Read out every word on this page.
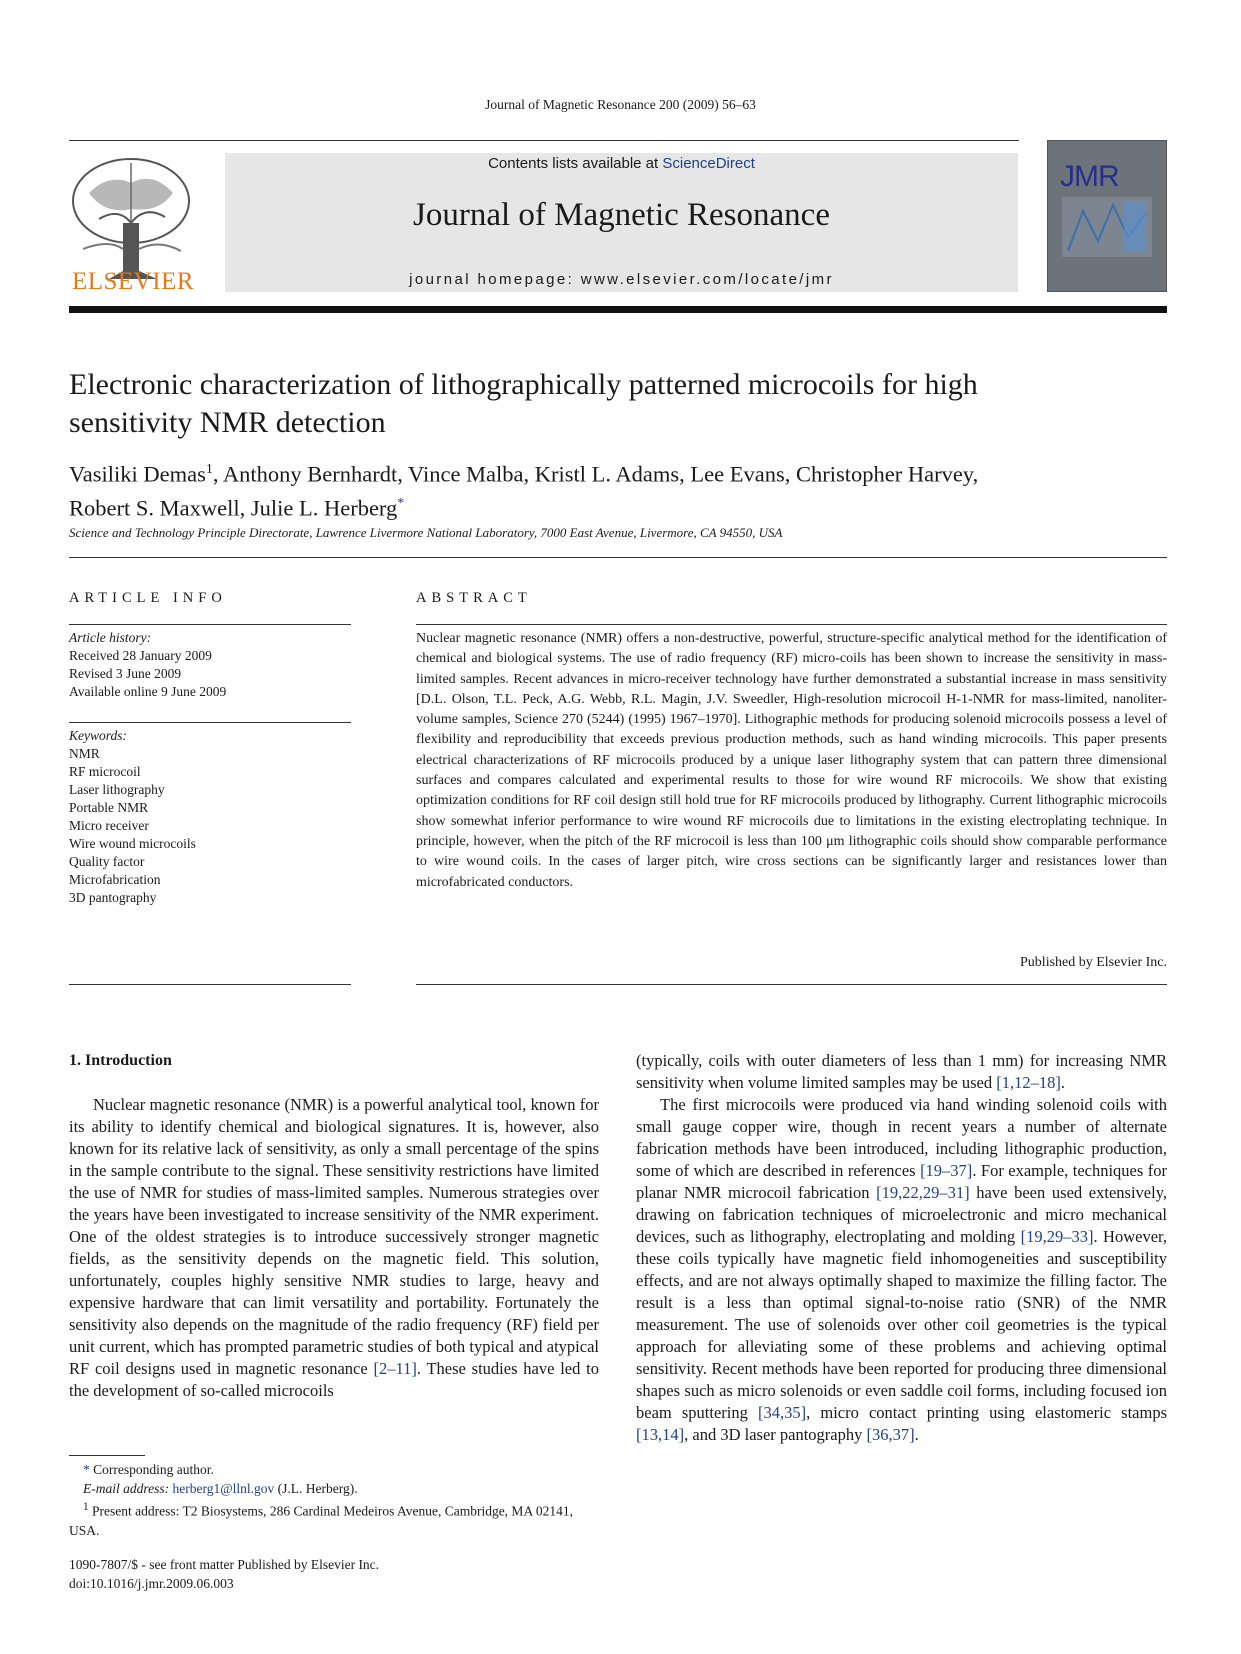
Journal of Magnetic Resonance 200 (2009) 56–63
ELSEVIER
Contents lists available at ScienceDirect
Journal of Magnetic Resonance
journal homepage: www.elsevier.com/locate/jmr
JMR
Electronic characterization of lithographically patterned microcoils for high
sensitivity NMR detection
Vasiliki Demas$^1$, Anthony Bernhardt, Vince Malba, Kristl L. Adams, Lee Evans, Christopher Harvey,
Robert S. Maxwell, Julie L. Herberg*
Science and Technology Principle Directorate, Lawrence Livermore National Laboratory, 7000 East Avenue, Livermore, CA 94550, USA
ARTICLE INFO	ABSTRACT
Article history:
Received 28 January 2009
Revised 3 June 2009
Available online 9 June 2009
Keywords:
NMR
RF microcoil
Laser lithography
Portable NMR
Micro receiver
Wire wound microcoils
Quality factor
Microfabrication
3D pantography
Nuclear magnetic resonance (NMR) offers a non-destructive, powerful, structure-specific analytical method for the identification of chemical and biological systems. The use of radio frequency (RF) micro-coils has been shown to increase the sensitivity in mass-limited samples. Recent advances in micro-receiver technology have further demonstrated a substantial increase in mass sensitivity [D.L. Olson, T.L. Peck, A.G. Webb, R.L. Magin, J.V. Sweedler, High-resolution microcoil H-1-NMR for mass-limited, nanoliter-volume samples, Science 270 (5244) (1995) 1967–1970]. Lithographic methods for producing solenoid microcoils possess a level of flexibility and reproducibility that exceeds previous production methods, such as hand winding microcoils. This paper presents electrical characterizations of RF microcoils produced by a unique laser lithography system that can pattern three dimensional surfaces and compares calculated and experimental results to those for wire wound RF microcoils. We show that existing optimization conditions for RF coil design still hold true for RF microcoils produced by lithography. Current lithographic microcoils show somewhat inferior performance to wire wound RF microcoils due to limitations in the existing electroplating technique. In principle, however, when the pitch of the RF microcoil is less than 100 μm lithographic coils should show comparable performance to wire wound coils. In the cases of larger pitch, wire cross sections can be significantly larger and resistances lower than microfabricated conductors.
Published by Elsevier Inc.
1. Introduction

Nuclear magnetic resonance (NMR) is a powerful analytical tool, known for its ability to identify chemical and biological signatures. It is, however, also known for its relative lack of sensitivity, as only a small percentage of the spins in the sample contribute to the signal. These sensitivity restrictions have limited the use of NMR for studies of mass-limited samples. Numerous strategies over the years have been investigated to increase sensitivity of the NMR experiment. One of the oldest strategies is to introduce successively stronger magnetic fields, as the sensitivity depends on the magnetic field. This solution, unfortunately, couples highly sensitive NMR studies to large, heavy and expensive hardware that can limit versatility and portability. Fortunately the sensitivity also depends on the magnitude of the radio frequency (RF) field per unit current, which has prompted parametric studies of both typical and atypical RF coil designs used in magnetic resonance [2–11]. These studies have led to the development of so-called microcoils

(typically, coils with outer diameters of less than 1 mm) for increasing NMR sensitivity when volume limited samples may be used [1,12–18].

The first microcoils were produced via hand winding solenoid coils with small gauge copper wire, though in recent years a number of alternate fabrication methods have been introduced, including lithographic production, some of which are described in references [19–37]. For example, techniques for planar NMR microcoil fabrication [19,22,29–31] have been used extensively, drawing on fabrication techniques of microelectronic and micro mechanical devices, such as lithography, electroplating and molding [19,29–33]. However, these coils typically have magnetic field inhomogeneities and susceptibility effects, and are not always optimally shaped to maximize the filling factor. The result is a less than optimal signal-to-noise ratio (SNR) of the NMR measurement. The use of solenoids over other coil geometries is the typical approach for alleviating some of these problems and achieving optimal sensitivity. Recent methods have been reported for producing three dimensional shapes such as micro solenoids or even saddle coil forms, including focused ion beam sputtering [34,35], micro contact printing using elastomeric stamps [13,14], and 3D laser pantography [36,37].

* Corresponding author.
E-mail address: herberg1@llnl.gov (J.L. Herberg).
$^1$ Present address: T2 Biosystems, 286 Cardinal Medeiros Avenue, Cambridge, MA 02141, USA.
1090-7807/$ - see front matter Published by Elsevier Inc.
doi:10.1016/j.jmr.2009.06.003
